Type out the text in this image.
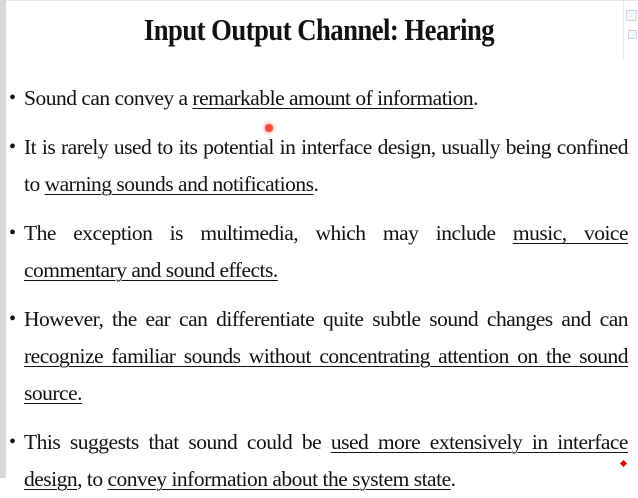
Input Output Channel: Hearing

• Sound can convey a remarkable amount of information.

• It is rarely used to its potential in interface design, usually being confined to warning sounds and notifications.

• The exception is multimedia, which may include music, voice commentary and sound effects.

• However, the ear can differentiate quite subtle sound changes and can recognize familiar sounds without concentrating attention on the sound source.

• This suggests that sound could be used more extensively in interface design, to convey information about the system state.
